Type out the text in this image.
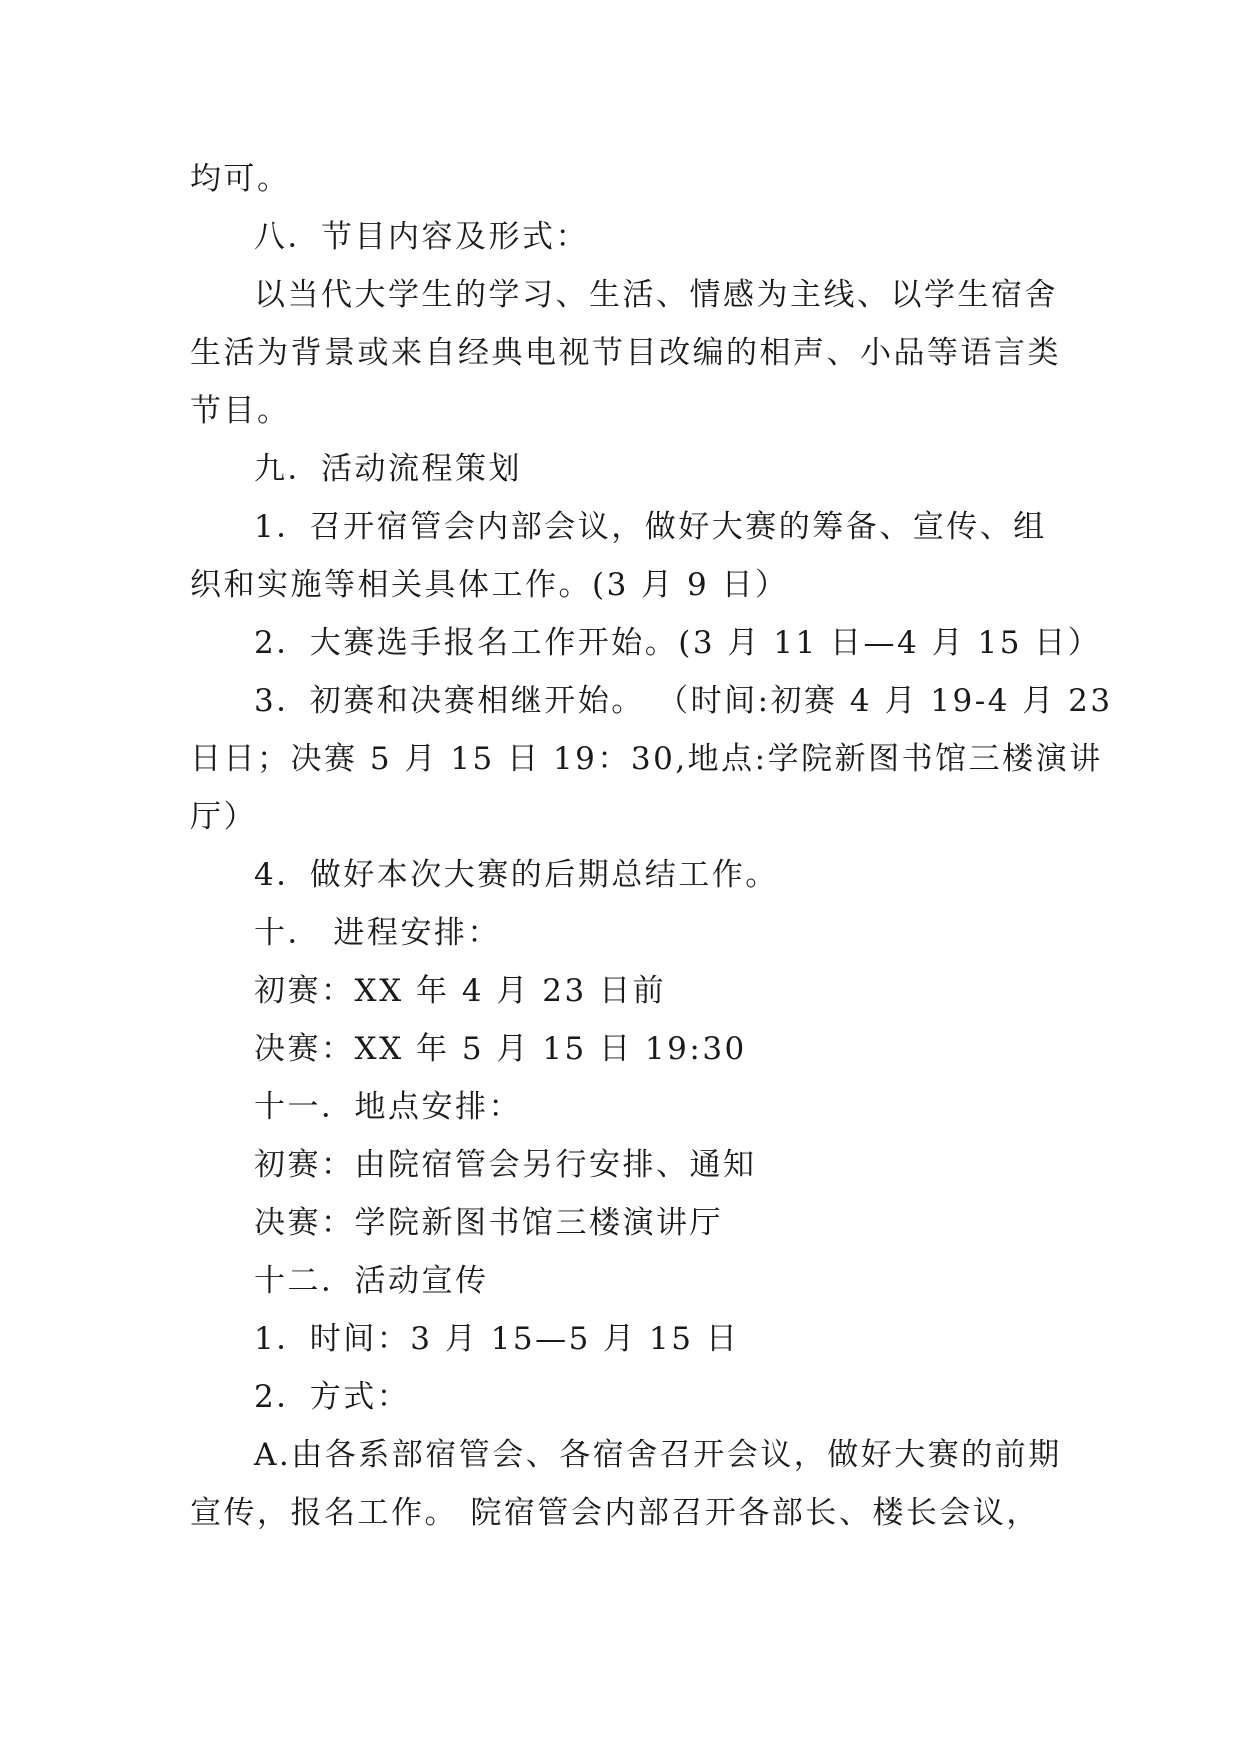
均可。
八．节目内容及形式：
以当代大学生的学习、生活、情感为主线、以学生宿舍
生活为背景或来自经典电视节目改编的相声、小品等语言类
节目。
九．活动流程策划
1．召开宿管会内部会议，做好大赛的筹备、宣传、组
织和实施等相关具体工作。(3 月 9 日）
2．大赛选手报名工作开始。(3 月 11 日—4 月 15 日）
3．初赛和决赛相继开始。 （时间:初赛 4 月 19-4 月 23
日日；决赛 5 月 15 日 19：30,地点:学院新图书馆三楼演讲
厅）
4．做好本次大赛的后期总结工作。
十． 进程安排：
初赛：XX 年 4 月 23 日前
决赛：XX 年 5 月 15 日 19:30
十一．地点安排：
初赛：由院宿管会另行安排、通知
决赛：学院新图书馆三楼演讲厅
十二．活动宣传
1．时间：3 月 15—5 月 15 日
2．方式：
A.由各系部宿管会、各宿舍召开会议，做好大赛的前期
宣传，报名工作。 院宿管会内部召开各部长、楼长会议，
